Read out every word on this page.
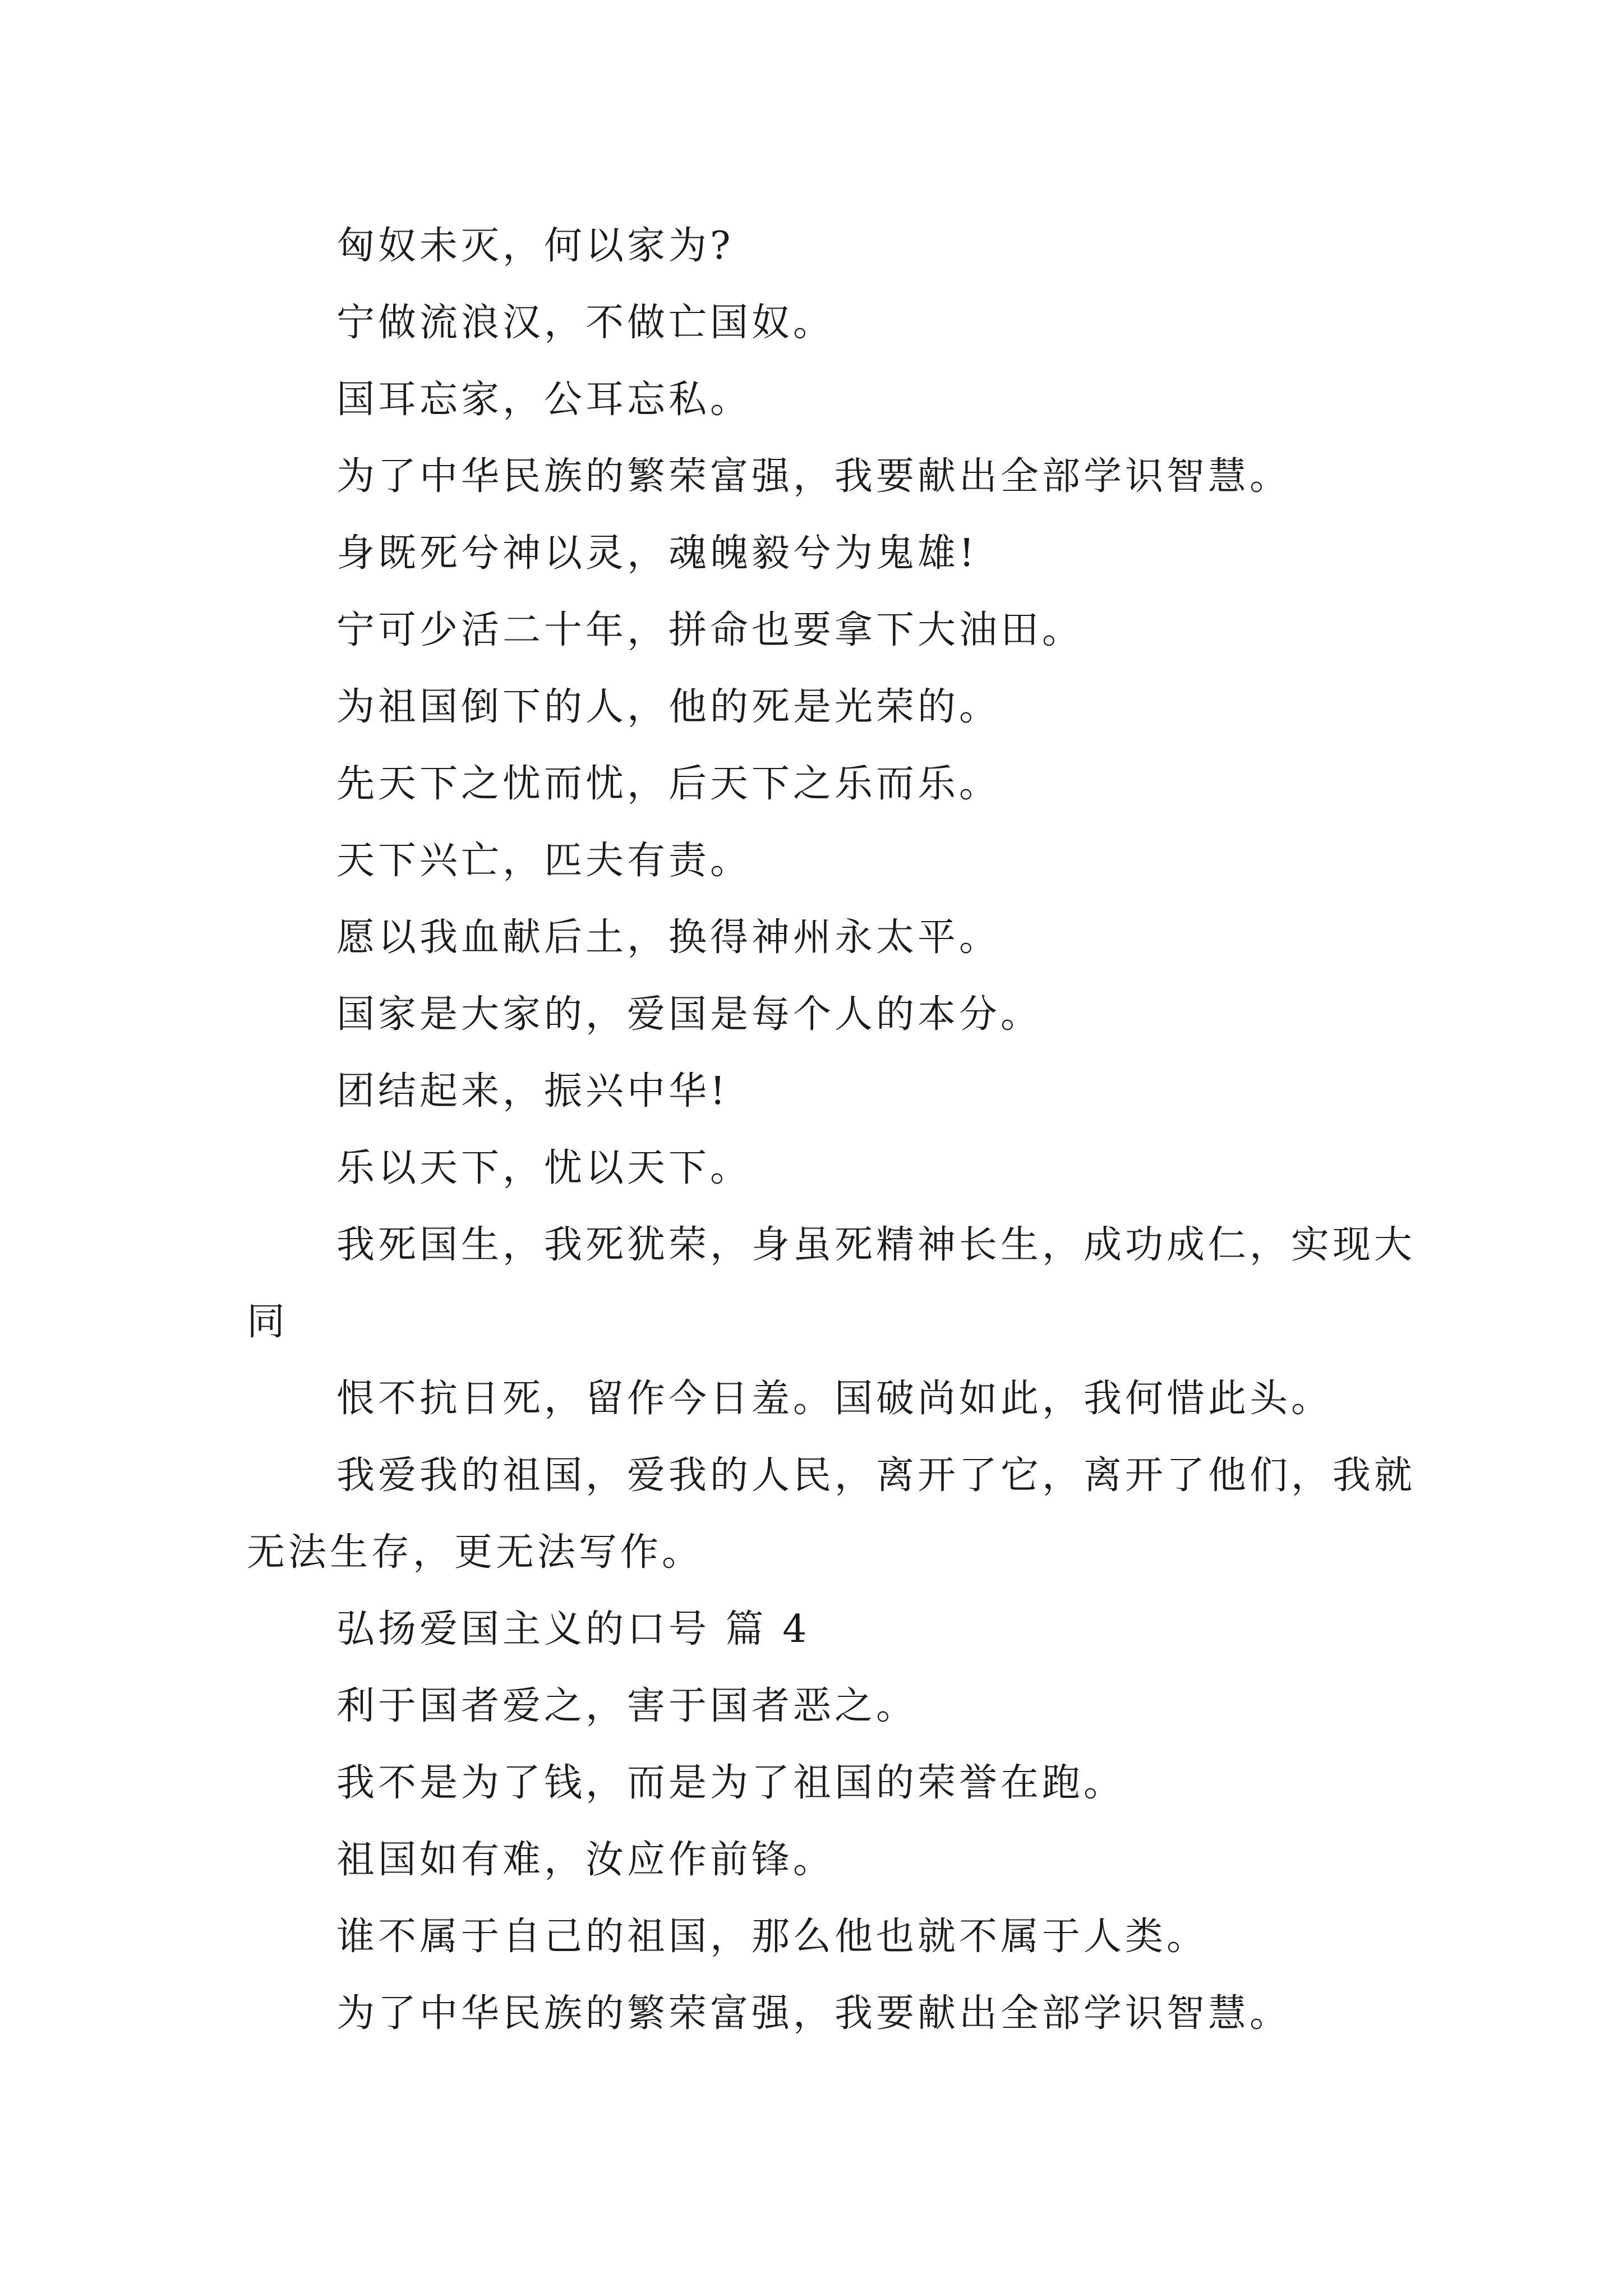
匈奴未灭，何以家为?

宁做流浪汉，不做亡国奴。

国耳忘家，公耳忘私。

为了中华民族的繁荣富强，我要献出全部学识智慧。

身既死兮神以灵，魂魄毅兮为鬼雄!

宁可少活二十年，拼命也要拿下大油田。

为祖国倒下的人，他的死是光荣的。

先天下之忧而忧，后天下之乐而乐。

天下兴亡，匹夫有责。

愿以我血献后土，换得神州永太平。

国家是大家的，爱国是每个人的本分。

团结起来，振兴中华!

乐以天下，忧以天下。

我死国生，我死犹荣，身虽死精神长生，成功成仁，实现大同

恨不抗日死，留作今日羞。国破尚如此，我何惜此头。

我爱我的祖国，爱我的人民，离开了它，离开了他们，我就无法生存，更无法写作。

弘扬爱国主义的口号 篇 4

利于国者爱之，害于国者恶之。

我不是为了钱，而是为了祖国的荣誉在跑。

祖国如有难，汝应作前锋。

谁不属于自己的祖国，那么他也就不属于人类。

为了中华民族的繁荣富强，我要献出全部学识智慧。
